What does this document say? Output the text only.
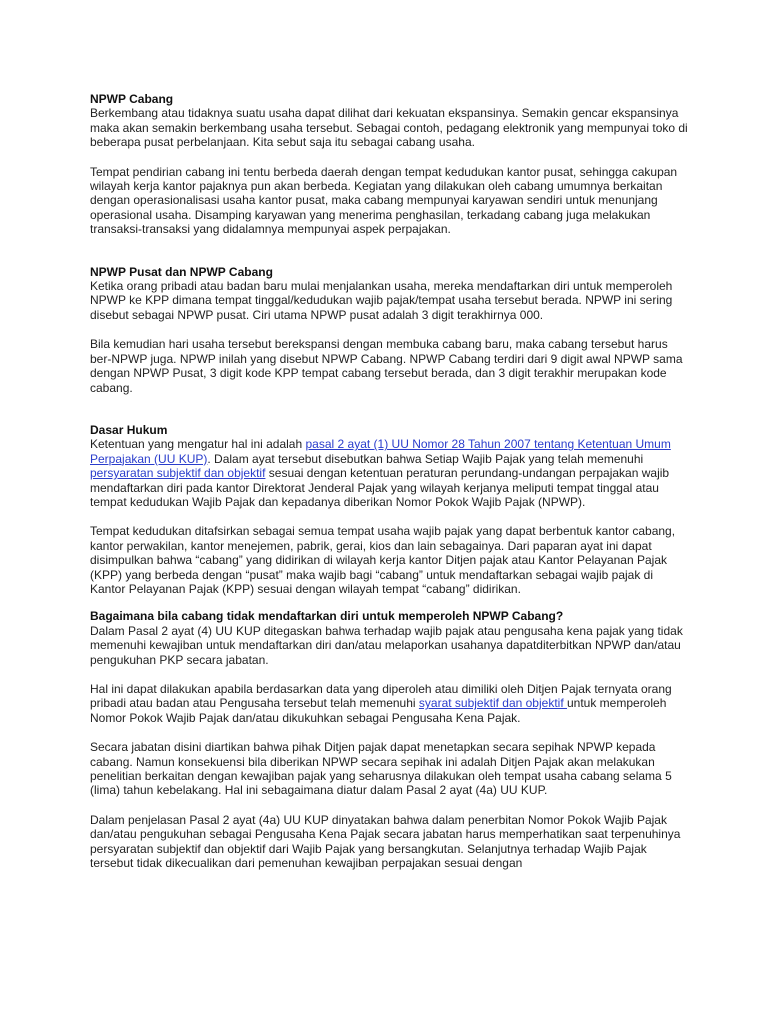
NPWP Cabang

Berkembang atau tidaknya suatu usaha dapat dilihat dari kekuatan ekspansinya. Semakin gencar ekspansinya maka akan semakin berkembang usaha tersebut. Sebagai contoh, pedagang elektronik yang mempunyai toko di beberapa pusat perbelanjaan. Kita sebut saja itu sebagai cabang usaha.

Tempat pendirian cabang ini tentu berbeda daerah dengan tempat kedudukan kantor pusat, sehingga cakupan wilayah kerja kantor pajaknya pun akan berbeda. Kegiatan yang dilakukan oleh cabang umumnya berkaitan dengan operasionalisasi usaha kantor pusat, maka cabang mempunyai karyawan sendiri untuk menunjang operasional usaha. Disamping karyawan yang menerima penghasilan, terkadang cabang juga melakukan transaksi-transaksi yang didalamnya mempunyai aspek perpajakan.

NPWP Pusat dan NPWP Cabang

Ketika orang pribadi atau badan baru mulai menjalankan usaha, mereka mendaftarkan diri untuk memperoleh NPWP ke KPP dimana tempat tinggal/kedudukan wajib pajak/tempat usaha tersebut berada. NPWP ini sering disebut sebagai NPWP pusat. Ciri utama NPWP pusat adalah 3 digit terakhirnya 000.

Bila kemudian hari usaha tersebut berekspansi dengan membuka cabang baru, maka cabang tersebut harus ber-NPWP juga. NPWP inilah yang disebut NPWP Cabang. NPWP Cabang terdiri dari 9 digit awal NPWP sama dengan NPWP Pusat, 3 digit kode KPP tempat cabang tersebut berada, dan 3 digit terakhir merupakan kode cabang.

Dasar Hukum

Ketentuan yang mengatur hal ini adalah pasal 2 ayat (1) UU Nomor 28 Tahun 2007 tentang Ketentuan Umum Perpajakan (UU KUP). Dalam ayat tersebut disebutkan bahwa Setiap Wajib Pajak yang telah memenuhi persyaratan subjektif dan objektif sesuai dengan ketentuan peraturan perundang-undangan perpajakan wajib mendaftarkan diri pada kantor Direktorat Jenderal Pajak yang wilayah kerjanya meliputi tempat tinggal atau tempat kedudukan Wajib Pajak dan kepadanya diberikan Nomor Pokok Wajib Pajak (NPWP).

Tempat kedudukan ditafsirkan sebagai semua tempat usaha wajib pajak yang dapat berbentuk kantor cabang, kantor perwakilan, kantor menejemen, pabrik, gerai, kios dan lain sebagainya. Dari paparan ayat ini dapat disimpulkan bahwa “cabang” yang didirikan di wilayah kerja kantor Ditjen pajak atau Kantor Pelayanan Pajak (KPP) yang berbeda dengan “pusat” maka wajib bagi “cabang” untuk mendaftarkan sebagai wajib pajak di Kantor Pelayanan Pajak (KPP) sesuai dengan wilayah tempat “cabang” didirikan.

Bagaimana bila cabang tidak mendaftarkan diri untuk memperoleh NPWP Cabang?

Dalam Pasal 2 ayat (4) UU KUP ditegaskan bahwa terhadap wajib pajak atau pengusaha kena pajak yang tidak memenuhi kewajiban untuk mendaftarkan diri dan/atau melaporkan usahanya dapatditerbitkan NPWP dan/atau pengukuhan PKP secara jabatan.

Hal ini dapat dilakukan apabila berdasarkan data yang diperoleh atau dimiliki oleh Ditjen Pajak ternyata orang pribadi atau badan atau Pengusaha tersebut telah memenuhi syarat subjektif dan objektif untuk memperoleh Nomor Pokok Wajib Pajak dan/atau dikukuhkan sebagai Pengusaha Kena Pajak.

Secara jabatan disini diartikan bahwa pihak Ditjen pajak dapat menetapkan secara sepihak NPWP kepada cabang. Namun konsekuensi bila diberikan NPWP secara sepihak ini adalah Ditjen Pajak akan melakukan penelitian berkaitan dengan kewajiban pajak yang seharusnya dilakukan oleh tempat usaha cabang selama 5 (lima) tahun kebelakang. Hal ini sebagaimana diatur dalam Pasal 2 ayat (4a) UU KUP.

Dalam penjelasan Pasal 2 ayat (4a) UU KUP dinyatakan bahwa dalam penerbitan Nomor Pokok Wajib Pajak dan/atau pengukuhan sebagai Pengusaha Kena Pajak secara jabatan harus memperhatikan saat terpenuhinya persyaratan subjektif dan objektif dari Wajib Pajak yang bersangkutan. Selanjutnya terhadap Wajib Pajak tersebut tidak dikecualikan dari pemenuhan kewajiban perpajakan sesuai dengan
